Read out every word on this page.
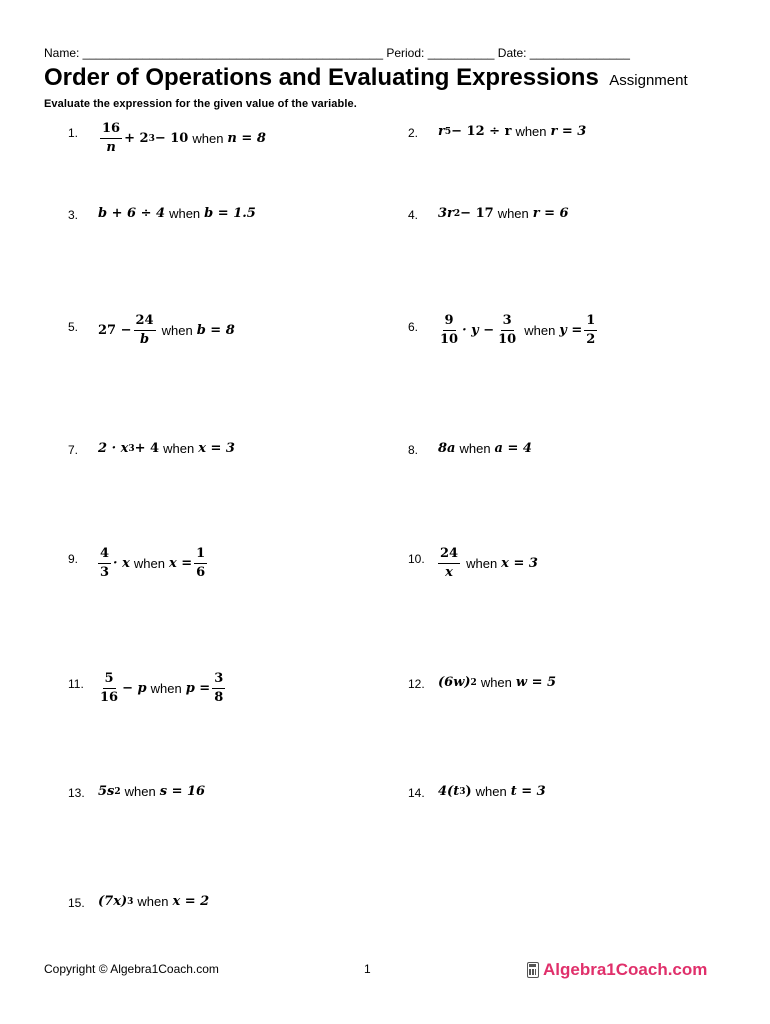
Name: _____________________________________________ Period: __________ Date: _______________
Order of Operations and Evaluating Expressions Assignment
Evaluate the expression for the given value of the variable.
1. $\frac{16}{n} + 2$ 3 − 10 when n = 8	2. r 5 − 12 ÷ r when r = 3
3. b + 6 ÷ 4 when b = 1.5	4. 3r 2 − 17 when r = 6
5. $27 - \frac{24}{b}$ when b = 8	6. $\frac{9}{10} \cdot y - \frac{3}{10}$ when $y = \frac{1}{2}$
7. 2 · x 3 + 4 when x = 3	8. 8a when a = 4
9. $\frac{4}{3} \cdot x$ when $x = \frac{1}{6}$	10. $\frac{24}{x}$ when x = 3
11. $\frac{5}{16} - p$ when $p = \frac{3}{8}$	12. (6w) 2 when w = 5
13. 5s 2 when s = 16	14. 4(t 3 ) when t = 3
15. (7x) 3 when x = 2
Copyright © Algebra1Coach.com	1	Algebra1Coach.com
